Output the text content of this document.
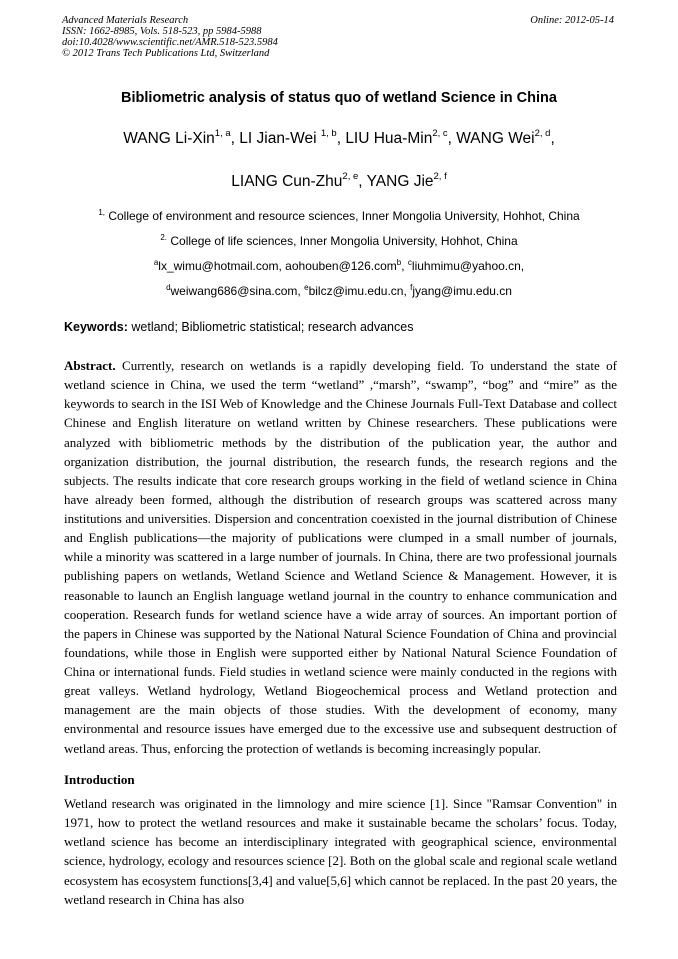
Advanced Materials Research
ISSN: 1662-8985, Vols. 518-523, pp 5984-5988
doi:10.4028/www.scientific.net/AMR.518-523.5984
© 2012 Trans Tech Publications Ltd, Switzerland
Online: 2012-05-14
Bibliometric analysis of status quo of wetland Science in China
WANG Li-Xin$^{1, a}$, LI Jian-Wei $^{1, b}$, LIU Hua-Min$^{2, c}$, WANG Wei$^{2, d}$,
LIANG Cun-Zhu$^{2, e}$, YANG Jie$^{2, f}$
$^{1,}$ College of environment and resource sciences, Inner Mongolia University, Hohhot, China
$^{2.}$ College of life sciences, Inner Mongolia University, Hohhot, China
$^a$lx_wimu@hotmail.com, aohouben@126.com$^b$, $^c$liuhmimu@yahoo.cn,
$^d$weiwang686@sina.com, $^e$bilcz@imu.edu.cn, $^f$jyang@imu.edu.cn
Keywords: wetland; Bibliometric statistical; research advances
Abstract. Currently, research on wetlands is a rapidly developing field. To understand the state of wetland science in China, we used the term “wetland” ,“marsh”, “swamp”, “bog” and “mire” as the keywords to search in the ISI Web of Knowledge and the Chinese Journals Full-Text Database and collect Chinese and English literature on wetland written by Chinese researchers. These publications were analyzed with bibliometric methods by the distribution of the publication year, the author and organization distribution, the journal distribution, the research funds, the research regions and the subjects. The results indicate that core research groups working in the field of wetland science in China have already been formed, although the distribution of research groups was scattered across many institutions and universities. Dispersion and concentration coexisted in the journal distribution of Chinese and English publications—the majority of publications were clumped in a small number of journals, while a minority was scattered in a large number of journals. In China, there are two professional journals publishing papers on wetlands, Wetland Science and Wetland Science & Management. However, it is reasonable to launch an English language wetland journal in the country to enhance communication and cooperation. Research funds for wetland science have a wide array of sources. An important portion of the papers in Chinese was supported by the National Natural Science Foundation of China and provincial foundations, while those in English were supported either by National Natural Science Foundation of China or international funds. Field studies in wetland science were mainly conducted in the regions with great valleys. Wetland hydrology, Wetland Biogeochemical process and Wetland protection and management are the main objects of those studies. With the development of economy, many environmental and resource issues have emerged due to the excessive use and subsequent destruction of wetland areas. Thus, enforcing the protection of wetlands is becoming increasingly popular.
Introduction
Wetland research was originated in the limnology and mire science [1]. Since "Ramsar Convention" in 1971, how to protect the wetland resources and make it sustainable became the scholars’ focus. Today, wetland science has become an interdisciplinary integrated with geographical science, environmental science, hydrology, ecology and resources science [2]. Both on the global scale and regional scale wetland ecosystem has ecosystem functions[3,4] and value[5,6] which cannot be replaced. In the past 20 years, the wetland research in China has also
